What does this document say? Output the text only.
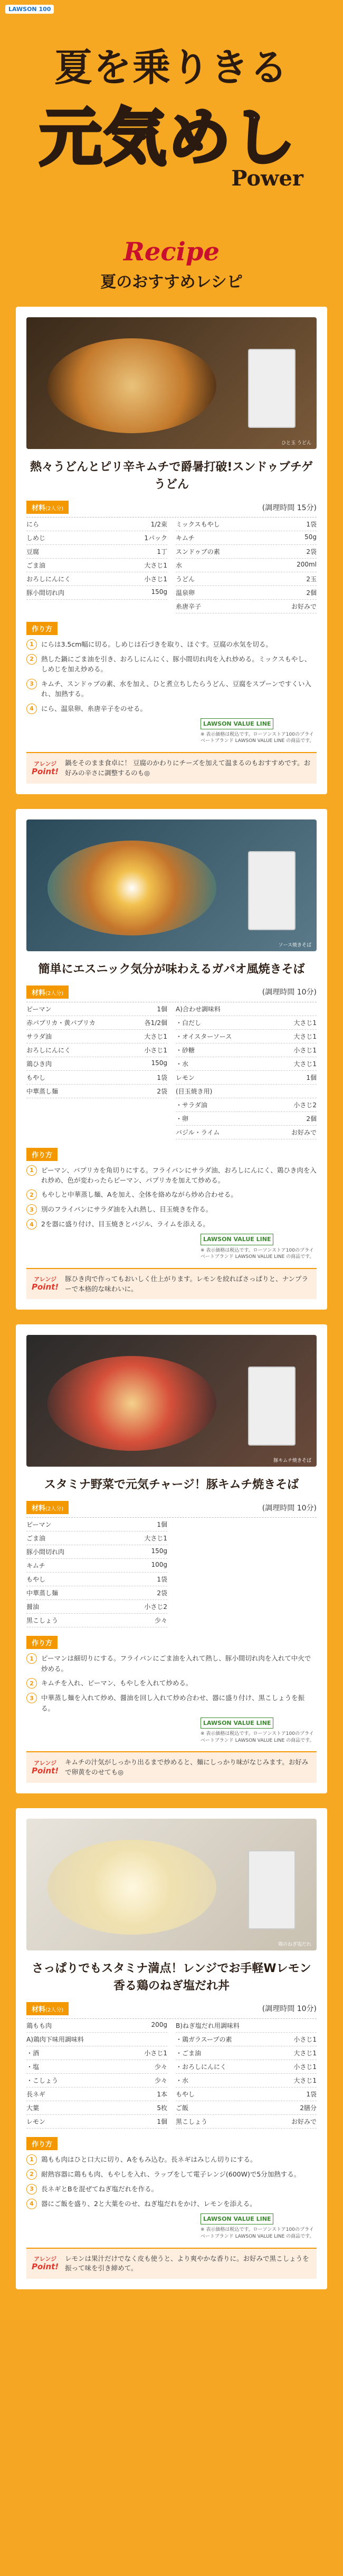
LAWSON 100
夏を乗りきる
元気めし
Power
Recipe
夏のおすすめレシピ
ひと玉 うどん
熱々うどんとピリ辛キムチで爵暑打破!スンドゥブチゲうどん
材料(2人分)	(調理時間 15分)
にら	1/2束
しめじ	1パック
豆腐	1丁
ごま油	大さじ1
おろしにんにく	小さじ1
豚小間切れ肉	150g
ミックスもやし	1袋
キムチ	50g
スンドゥブの素	2袋
水	200ml
うどん	2玉
温泉卵	2個
糸唐辛子	お好みで
作り方
1	にらは3.5cm幅に切る。しめじは石づきを取り、ほぐす。豆腐の水気を切る。
2	熱した鍋にごま油を引き、おろしにんにく、豚小間切れ肉を入れ炒める。ミックスもやし、しめじを加え炒める。
3	キムチ、スンドゥブの素、水を加え、ひと煮立ちしたらうどん、豆腐をスプーンですくい入れ、加熱する。
4	にら、温泉卵、糸唐辛子をのせる。
LAWSON VALUE LINE
※ 表示価格は税込です。ローソンストア100のプライベートブランド LAWSON VALUE LINE の商品です。
アレンジ
Point!
鍋をそのまま食卓に！ 豆腐のかわりにチーズを加えて温まるのもおすすめです。お好みの辛さに調整するのも◎
ソース焼きそば
簡単にエスニック気分が味わえるガパオ風焼きそば
材料(2人分)	(調理時間 10分)
ピーマン	1個
赤パプリカ・黄パプリカ	各1/2個
サラダ油	大さじ1
おろしにんにく	小さじ1
鶏ひき肉	150g
もやし	1袋
中華蒸し麺	2袋
A)合わせ調味料
・白だし	大さじ1
・オイスターソース	大さじ1
・砂糖	小さじ1
・水	大さじ1
レモン	1個
(目玉焼き用)
・サラダ油	小さじ2
・卵	2個
バジル・ライム	お好みで
作り方
1	ピーマン、パプリカを角切りにする。フライパンにサラダ油、おろしにんにく、鶏ひき肉を入れ炒め、色が変わったらピーマン、パプリカを加えて炒める。
2	もやしと中華蒸し麺、Aを加え、全体を絡めながら炒め合わせる。
3	別のフライパンにサラダ油を入れ熱し、目玉焼きを作る。
4	2を器に盛り付け、目玉焼きとバジル、ライムを添える。
LAWSON VALUE LINE
※ 表示価格は税込です。ローソンストア100のプライベートブランド LAWSON VALUE LINE の商品です。
アレンジ
Point!
豚ひき肉で作ってもおいしく仕上がります。レモンを絞ればさっぱりと、ナンプラーで本格的な味わいに。
豚キムチ焼きそば
スタミナ野菜で元気チャージ！豚キムチ焼きそば
材料(2人分)	(調理時間 10分)
ピーマン	1個
ごま油	大さじ1
豚小間切れ肉	150g
キムチ	100g
もやし	1袋
中華蒸し麺	2袋
醤油	小さじ2
黒こしょう	少々
作り方
1	ピーマンは細切りにする。フライパンにごま油を入れて熱し、豚小間切れ肉を入れて中火で炒める。
2	キムチを入れ、ピーマン、もやしを入れて炒める。
3	中華蒸し麺を入れて炒め、醤油を回し入れて炒め合わせ、器に盛り付け、黒こしょうを振る。
LAWSON VALUE LINE
※ 表示価格は税込です。ローソンストア100のプライベートブランド LAWSON VALUE LINE の商品です。
アレンジ
Point!
キムチの汁気がしっかり出るまで炒めると、麺にしっかり味がなじみます。お好みで卵黄をのせても◎
鶏のねぎ塩だれ
さっぱりでもスタミナ満点！レンジでお手軽Wレモン香る鶏のねぎ塩だれ丼
材料(2人分)	(調理時間 10分)
鶏もも肉	200g
A)鶏肉下味用調味料
・酒	小さじ1
・塩	少々
・こしょう	少々
長ネギ	1本
大葉	5枚
レモン	1個
B)ねぎ塩だれ用調味料
・鶏ガラスープの素	小さじ1
・ごま油	大さじ1
・おろしにんにく	小さじ1
・水	大さじ1
もやし	1袋
ご飯	2膳分
黒こしょう	お好みで
作り方
1	鶏もも肉はひと口大に切り、Aをもみ込む。長ネギはみじん切りにする。
2	耐熱容器に鶏もも肉、もやしを入れ、ラップをして電子レンジ(600W)で5分加熱する。
3	長ネギとBを混ぜてねぎ塩だれを作る。
4	器にご飯を盛り、2と大葉をのせ、ねぎ塩だれをかけ、レモンを添える。
LAWSON VALUE LINE
※ 表示価格は税込です。ローソンストア100のプライベートブランド LAWSON VALUE LINE の商品です。
アレンジ
Point!
レモンは果汁だけでなく皮も使うと、より爽やかな香りに。お好みで黒こしょうを振って味を引き締めて。
